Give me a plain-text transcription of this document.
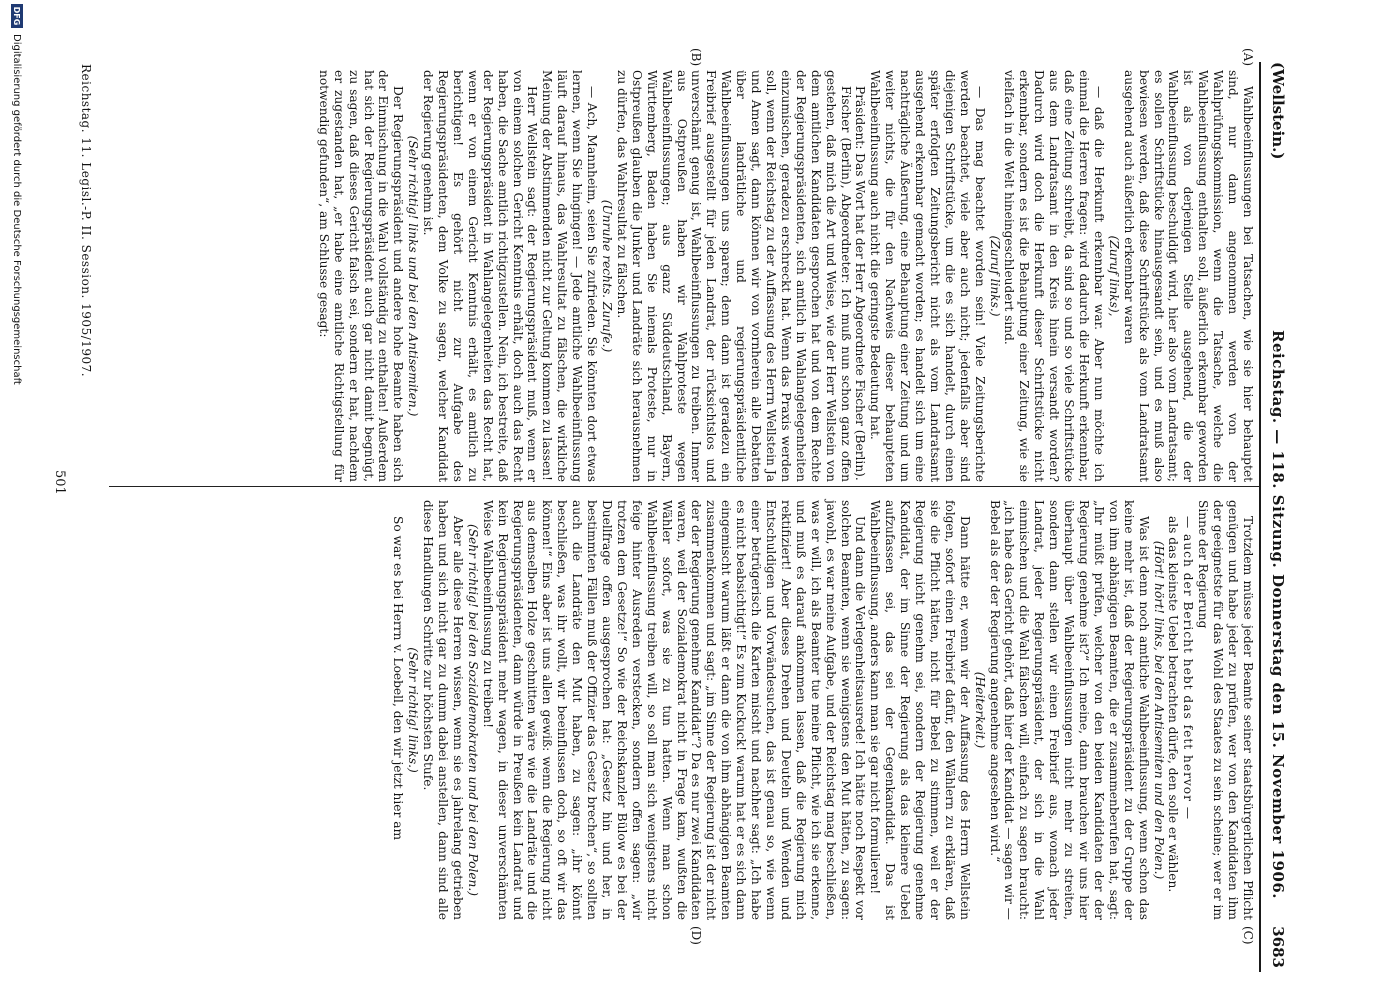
(Wellstein.)
Reichstag. — 118. Sitzung. Donnerstag den 15. November 1906.
3683
(A)
(B)
(C)
(D)

Wahlbeeinflussungen bei Tatsachen, wie sie hier behauptet sind, nur dann angenommen werden von der Wahlprüfungskommission, wenn die Tatsache, welche die Wahlbeeinflussung enthalten soll, äußerlich erkennbar geworden ist als von derjenigen Stelle ausgehend, die der Wahlbeeinflussung beschuldigt wird, hier also vom Landratsamt; es sollen Schriftstücke hinausgesandt sein, und es muß also bewiesen werden, daß diese Schriftstücke als vom Landratsamt ausgehend auch äußerlich erkennbar waren

(Zuruf links),

— daß die Herkunft erkennbar war. Aber nun möchte ich einmal die Herren fragen: wird dadurch die Herkunft erkennbar, daß eine Zeitung schreibt, da sind so und so viele Schriftstücke aus dem Landratsamt in den Kreis hinein versandt worden? Dadurch wird doch die Herkunft dieser Schriftstücke nicht erkennbar, sondern es ist die Behauptung einer Zeitung, wie sie vielfach in die Welt hineingeschleudert sind.

(Zuruf links.)

— Das mag beachtet worden sein! Viele Zeitungsberichte werden beachtet, viele aber auch nicht; jedenfalls aber sind diejenigen Schriftstücke, um die es sich handelt, durch einen später erfolgten Zeitungsbericht nicht als vom Landratsamt ausgehend erkennbar gemacht worden; es handelt sich um eine nachträgliche Äußerung, eine Behauptung einer Zeitung und um weiter nichts, die für den Nachweis dieser behaupteten Wahlbeeinflussung auch nicht die geringste Bedeutung hat.

Präsident: Das Wort hat der Herr Abgeordnete Fischer (Berlin).

Fischer (Berlin), Abgeordneter: Ich muß nun schon ganz offen gestehen, daß mich die Art und Weise, wie der Herr Wellstein von dem amtlichen Kandidaten gesprochen hat und von dem Rechte der Regierungspräsidenten, sich amtlich in Wahlangelegenheiten einzumischen, geradezu erschreckt hat. Wenn das Praxis werden soll, wenn der Reichstag zu der Auffassung des Herrn Wellstein Ja und Amen sagt, dann können wir von vornherein alle Debatten über landrätliche und regierungspräsidentliche Wahlbeeinflussungen uns sparen; denn dann ist geradezu ein Freibrief ausgestellt für jeden Landrat, der rücksichtslos und unverschämt genug ist, Wahlbeeinflussungen zu treiben. Immer aus Ostpreußen haben wir Wahlproteste wegen Wahlbeeinflussungen; aus ganz Süddeutschland, Bayern, Württemberg, Baden haben Sie niemals Proteste, nur in Ostpreußen glauben die Junker und Landräte sich herausnehmen zu dürfen, das Wahlresultat zu fälschen.

(Unruhe rechts. Zurufe.)

— Ach, Mannheim, seien Sie zufrieden. Sie könnten dort etwas lernen, wenn Sie hingingen! — Jede amtliche Wahlbeeinflussung läuft darauf hinaus, das Wahlresultat zu fälschen, die wirkliche Meinung der Abstimmenden nicht zur Geltung kommen zu lassen!

Herr Wellstein sagt: der Regierungspräsident muß, wenn er von einem solchen Gericht Kenntnis erhält, doch auch das Recht haben, die Sache amtlich richtigzustellen. Nein, ich bestreite, daß der Regierungspräsident in Wahlangelegenheiten das Recht hat, wenn er von einem Gericht Kenntnis erhält, es amtlich zu berichtigen! Es gehört nicht zur Aufgabe des Regierungspräsidenten, dem Volke zu sagen, welcher Kandidat der Regierung genehm ist.

(Sehr richtig! links und bei den Antisemiten.)

Der Regierungspräsident und andere hohe Beamte haben sich der Einmischung in die Wahl vollständig zu enthalten! Außerdem hat sich der Regierungspräsident auch gar nicht damit begnügt, zu sagen, daß dieses Gericht falsch sei, sondern er hat, nachdem er zugestanden hat, „er habe eine amtliche Richtigstellung für notwendig gefunden“, am Schlusse gesagt:

Trotzdem müsse jeder Beamte seiner staatsbürgerlichen Pflicht genügen und habe jeder zu prüfen, wer von den Kandidaten ihm der geeignetste für das Wohl des Staates zu sein scheine; wer er im Sinne der Regierung

— auch der Bericht hebt das fett hervor —

als das kleinste Uebel betrachten dürfe, den solle er wählen.

(Hört! hört! links, bei den Antisemiten und den Polen.)

Was ist denn noch amtliche Wahlbeeinflussung, wenn schon das keine mehr ist, daß der Regierungspräsident zu der Gruppe der von ihm abhängigen Beamten, die er zusammenberufen hat, sagt: „Ihr müßt prüfen, welcher von den beiden Kandidaten der der Regierung genehme ist?“ Ich meine, dann brauchen wir uns hier überhaupt über Wahlbeeinflussungen nicht mehr zu streiten, sondern dann stellen wir einen Freibrief aus, wonach jeder Landrat, jeder Regierungspräsident, der sich in die Wahl einmischen und die Wahl fälschen will, einfach zu sagen braucht: „ich habe das Gericht gehört, daß hier der Kandidat — sagen wir — Bebel als der der Regierung angenehme angesehen wird.“

(Heiterkeit.)

Dann hätte er, wenn wir der Auffassung des Herrn Wellstein folgen, sofort einen Freibrief dafür, den Wählern zu erklären, daß sie die Pflicht hätten, nicht für Bebel zu stimmen, weil er der Regierung nicht genehm sei, sondern der Regierung genehme Kandidat, der im Sinne der Regierung als das kleinere Uebel aufzufassen sei, das sei der Gegenkandidat. Das ist Wahlbeeinflussung, anders kann man sie gar nicht formulieren!

Und dann die Verlegenheitsausrede! Ich hätte noch Respekt vor solchen Beamten, wenn sie wenigstens den Mut hätten, zu sagen: jawohl, es war meine Aufgabe, und der Reichstag mag beschließen, was er will, ich als Beamter tue meine Pflicht, wie ich sie erkenne, und muß es darauf ankommen lassen, daß die Regierung mich rektifiziert! Aber dieses Drehen und Deuteln und Wenden und Entschuldigen und Vorwändesuchen, das ist genau so, wie wenn einer betrügerisch die Karten mischt und nachher sagt: „Ich habe es nicht beabsichtigt!“ Es zum Kuckuck! warum hat er es sich dann eingemischt warum läßt er dann die von ihm abhängigen Beamten zusammenkommen und sagt: „im Sinne der Regierung ist der nicht der der Regierung genehme Kandidat“? Da es nur zwei Kandidaten waren, weil der Sozialdemokrat nicht in Frage kam, wußten die Wähler sofort, was sie zu tun hatten. Wenn man schon Wahlbeeinflussung treiben will, so soll man sich wenigstens nicht feige hinter Ausreden verstecken, sondern offen sagen: „wir trotzen dem Gesetze!“ So wie der Reichskanzler Bülow es bei der Duellfrage offen ausgesprochen hat: „Gesetz hin und her, in bestimmten Fällen muß der Offizier das Gesetz brechen“, so sollten auch die Landräte den Mut haben, zu sagen: „ihr könnt beschließen, was ihr wollt, wir beeinflussen doch, so oft wir das können!“ Eins aber ist uns allen gewiß: wenn die Regierung nicht aus demselben Holze geschnitten wäre wie die Landräte und die Regierungspräsidenten, dann würde in Preußen kein Landrat und kein Regierungspräsident mehr wagen, in dieser unverschämten Weise Wahlbeeinflussung zu treiben!

(Sehr richtig! bei den Sozialdemokraten und bei den Polen.)

Aber alle diese Herren wissen, wenn sie es jahrelang getrieben haben und sich nicht gar zu dumm dabei anstellen, dann sind alle diese Handlungen Schritte zur höchsten Stufe.

(Sehr richtig! links.)

So war es bei Herrn v. Loebell, den wir jetzt hier am

Reichstag. 11. Legisl.-P. II. Session. 1905/1907.
501
DFG
Digitalisierung gefördert durch die Deutsche Forschungsgemeinschaft
